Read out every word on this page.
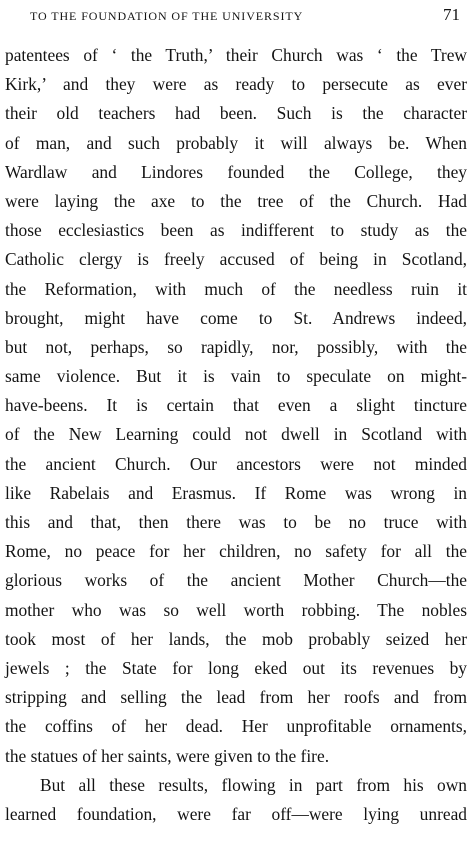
TO THE FOUNDATION OF THE UNIVERSITY	71
patentees of ‘ the Truth,’ their Church was ‘ the Trew
Kirk,’ and they were as ready to persecute as ever
their old teachers had been. Such is the character
of man, and such probably it will always be. When
Wardlaw and Lindores founded the College, they
were laying the axe to the tree of the Church. Had
those ecclesiastics been as indifferent to study as the
Catholic clergy is freely accused of being in Scotland,
the Reformation, with much of the needless ruin it
brought, might have come to St. Andrews indeed,
but not, perhaps, so rapidly, nor, possibly, with the
same violence. But it is vain to speculate on might-
have-beens. It is certain that even a slight tincture
of the New Learning could not dwell in Scotland with
the ancient Church. Our ancestors were not minded
like Rabelais and Erasmus. If Rome was wrong in
this and that, then there was to be no truce with
Rome, no peace for her children, no safety for all the
glorious works of the ancient Mother Church—the
mother who was so well worth robbing. The nobles
took most of her lands, the mob probably seized her
jewels ; the State for long eked out its revenues by
stripping and selling the lead from her roofs and from
the coffins of her dead. Her unprofitable ornaments,
the statues of her saints, were given to the fire.
But all these results, flowing in part from his own
learned foundation, were far off—were lying unread
